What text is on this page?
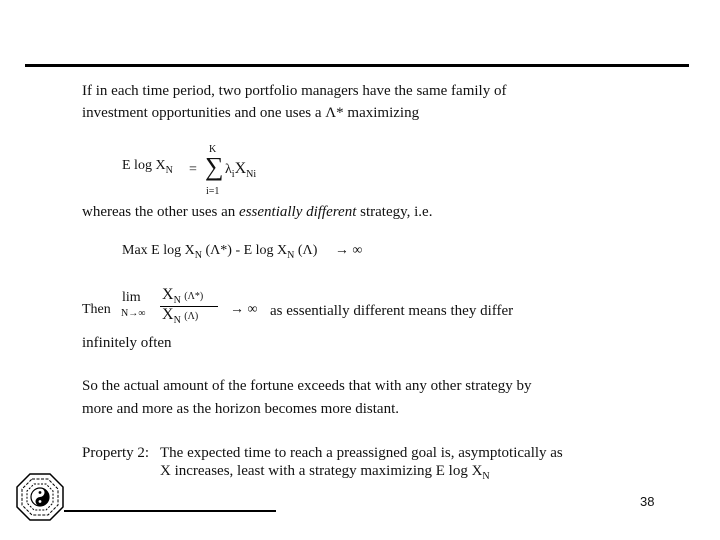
If in each time period, two portfolio managers have the same family of
investment opportunities and one uses a Λ* maximizing
E $\log X_N$ =
K
∑
i=1
$\lambda_iX_{Ni}$
whereas the other uses an essentially different strategy, i.e.
Max E $\log X_N$ (Λ*) - E $\log X_N$ (Λ) → ∞
Then
lim
N→∞
$X_N$ (Λ*)
$X_N$ (Λ) → ∞ as essentially different means they differ
infinitely often
So the actual amount of the fortune exceeds that with any other strategy by
more and more as the horizon becomes more distant.
Property 2: The expected time to reach a preassigned goal is, asymptotically as
X increases, least with a strategy maximizing E $\log X_N$
38
